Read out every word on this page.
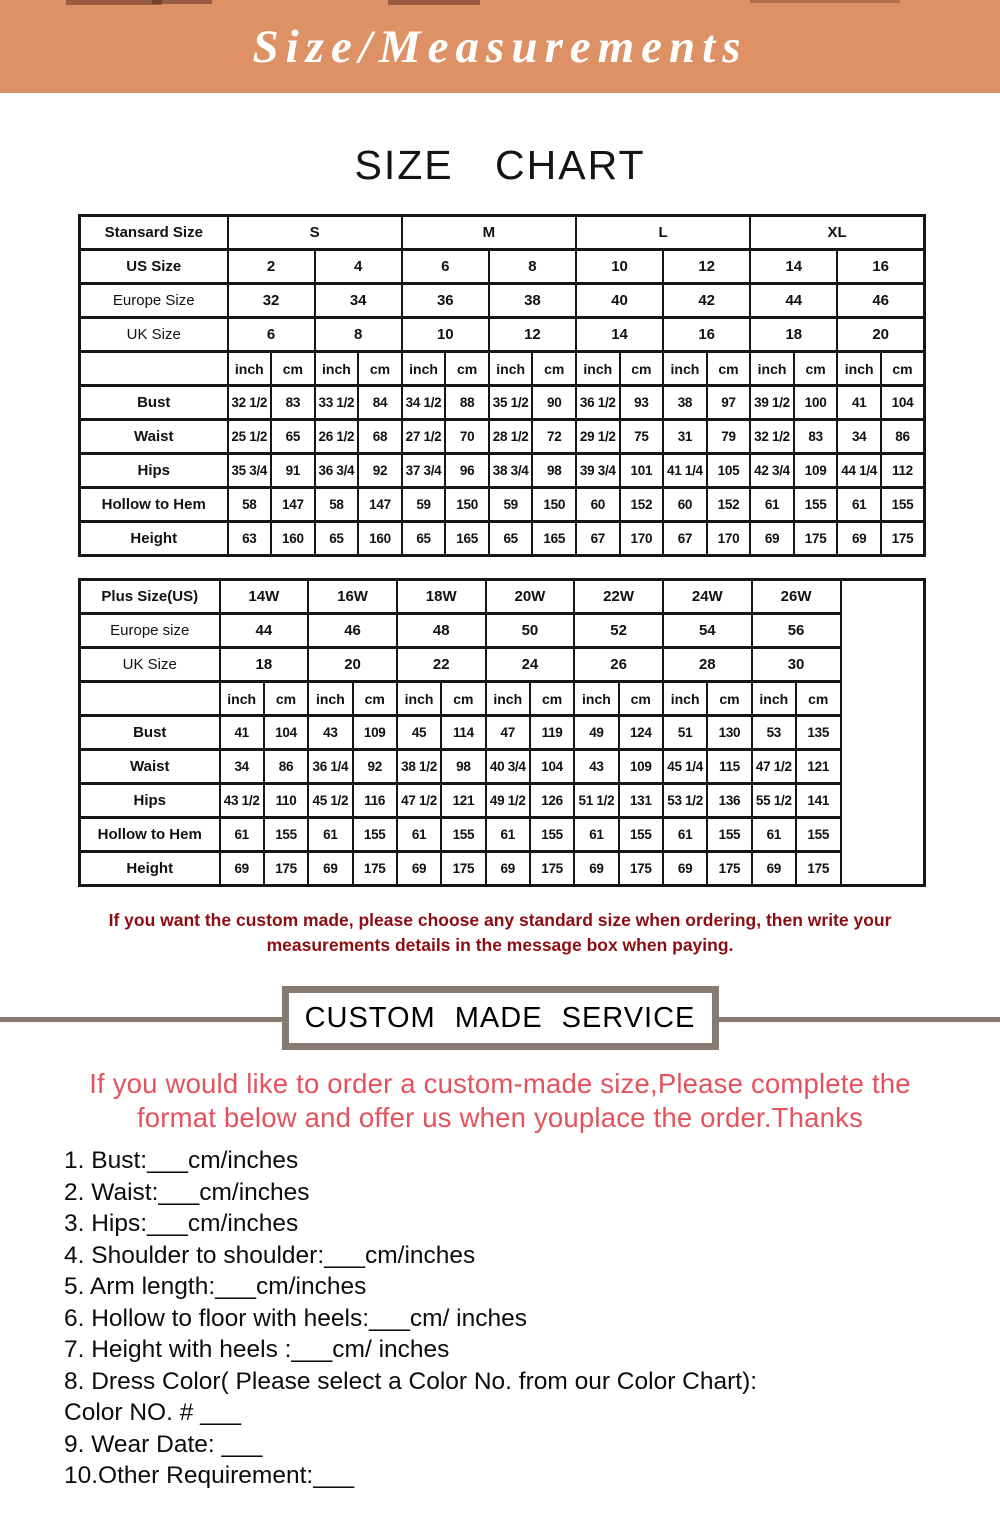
Size/Measurements
SIZE CHART
Stansard Size	S				M				L				XL			
US Size	2		4		6		8		10		12		14		16	
Europe Size	32		34		36		38		40		42		44		46	
UK Size	6		8		10		12		14		16		18		20	
	inch	cm	inch	cm	inch	cm	inch	cm	inch	cm	inch	cm	inch	cm	inch	cm
Bust	32 1/2	83	33 1/2	84	34 1/2	88	35 1/2	90	36 1/2	93	38	97	39 1/2	100	41	104
Waist	25 1/2	65	26 1/2	68	27 1/2	70	28 1/2	72	29 1/2	75	31	79	32 1/2	83	34	86
Hips	35 3/4	91	36 3/4	92	37 3/4	96	38 3/4	98	39 3/4	101	41 1/4	105	42 3/4	109	44 1/4	112
Hollow to Hem	58	147	58	147	59	150	59	150	60	152	60	152	61	155	61	155
Height	63	160	65	160	65	165	65	165	67	170	67	170	69	175	69	175
Plus Size(US)	14W		16W		18W		20W		22W		24W		26W		
Europe size	44		46		48		50		52		54		56		
UK Size	18		20		22		24		26		28		30		
	inch	cm	inch	cm	inch	cm	inch	cm	inch	cm	inch	cm	inch	cm	
Bust	41	104	43	109	45	114	47	119	49	124	51	130	53	135	
Waist	34	86	36 1/4	92	38 1/2	98	40 3/4	104	43	109	45 1/4	115	47 1/2	121	
Hips	43 1/2	110	45 1/2	116	47 1/2	121	49 1/2	126	51 1/2	131	53 1/2	136	55 1/2	141	
Hollow to Hem	61	155	61	155	61	155	61	155	61	155	61	155	61	155	
Height	69	175	69	175	69	175	69	175	69	175	69	175	69	175	
If you want the custom made, please choose any standard size when ordering, then write your
measurements details in the message box when paying.
CUSTOM MADE SERVICE
If you would like to order a custom-made size,Please complete the
format below and offer us when youplace the order.Thanks
1. Bust:___cm/inches
2. Waist:___cm/inches
3. Hips:___cm/inches
4. Shoulder to shoulder:___cm/inches
5. Arm length:___cm/inches
6. Hollow to floor with heels:___cm/ inches
7. Height with heels :___cm/ inches
8. Dress Color( Please select a Color No. from our Color Chart):
Color NO. # ___
9. Wear Date: ___
10.Other Requirement:___
